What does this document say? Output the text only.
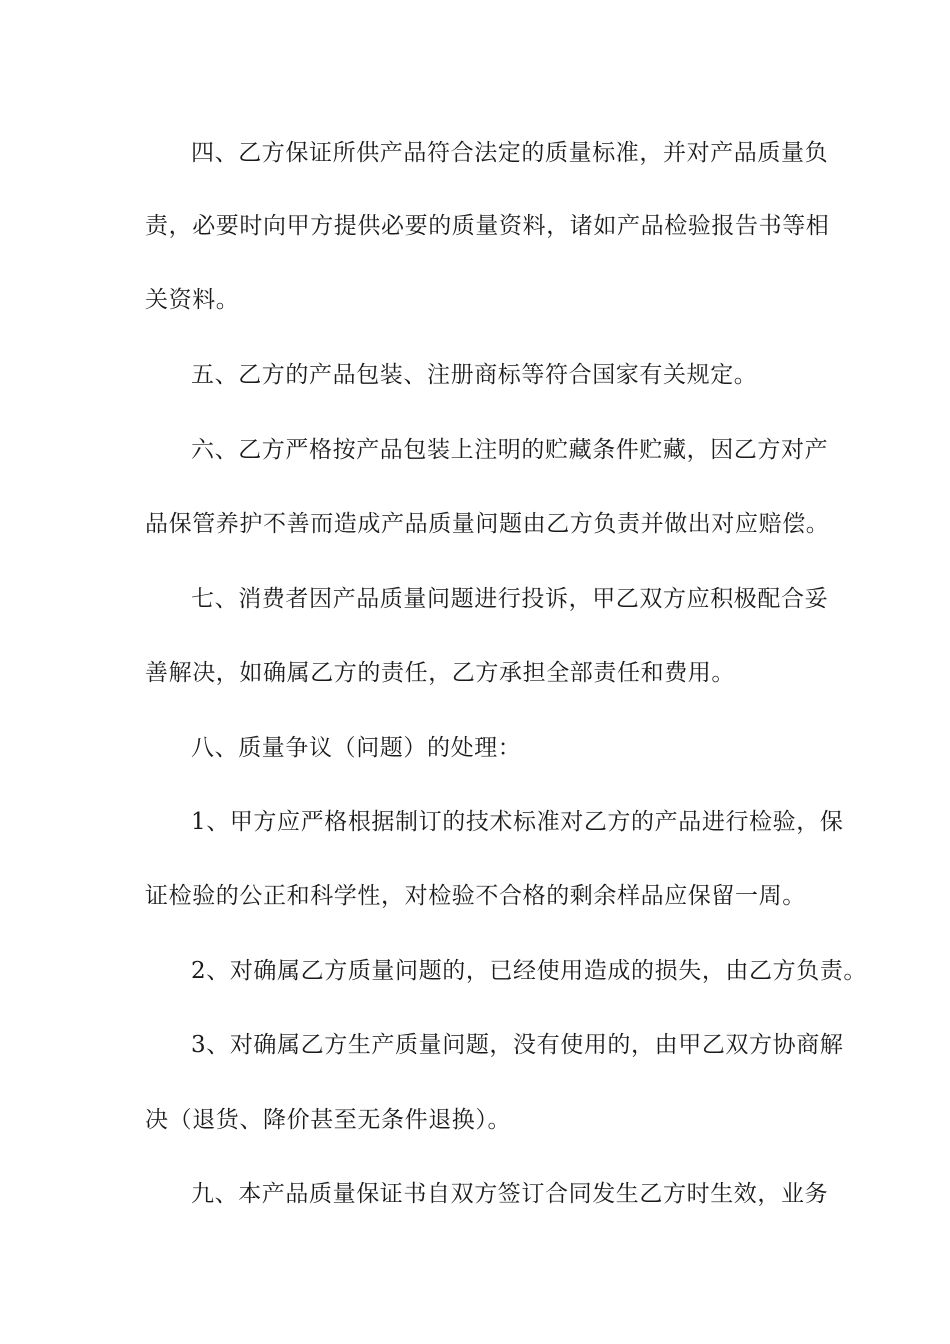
四、乙方保证所供产品符合法定的质量标准，并对产品质量负
责，必要时向甲方提供必要的质量资料，诸如产品检验报告书等相
关资料。
五、乙方的产品包装、注册商标等符合国家有关规定。
六、乙方严格按产品包装上注明的贮藏条件贮藏，因乙方对产
品保管养护不善而造成产品质量问题由乙方负责并做出对应赔偿。
七、消费者因产品质量问题进行投诉，甲乙双方应积极配合妥
善解决，如确属乙方的责任，乙方承担全部责任和费用。
八、质量争议（问题）的处理：
1、甲方应严格根据制订的技术标准对乙方的产品进行检验，保
证检验的公正和科学性，对检验不合格的剩余样品应保留一周。
2、对确属乙方质量问题的，已经使用造成的损失，由乙方负责。
3、对确属乙方生产质量问题，没有使用的，由甲乙双方协商解
决（退货、降价甚至无条件退换）。
九、本产品质量保证书自双方签订合同发生乙方时生效，业务
